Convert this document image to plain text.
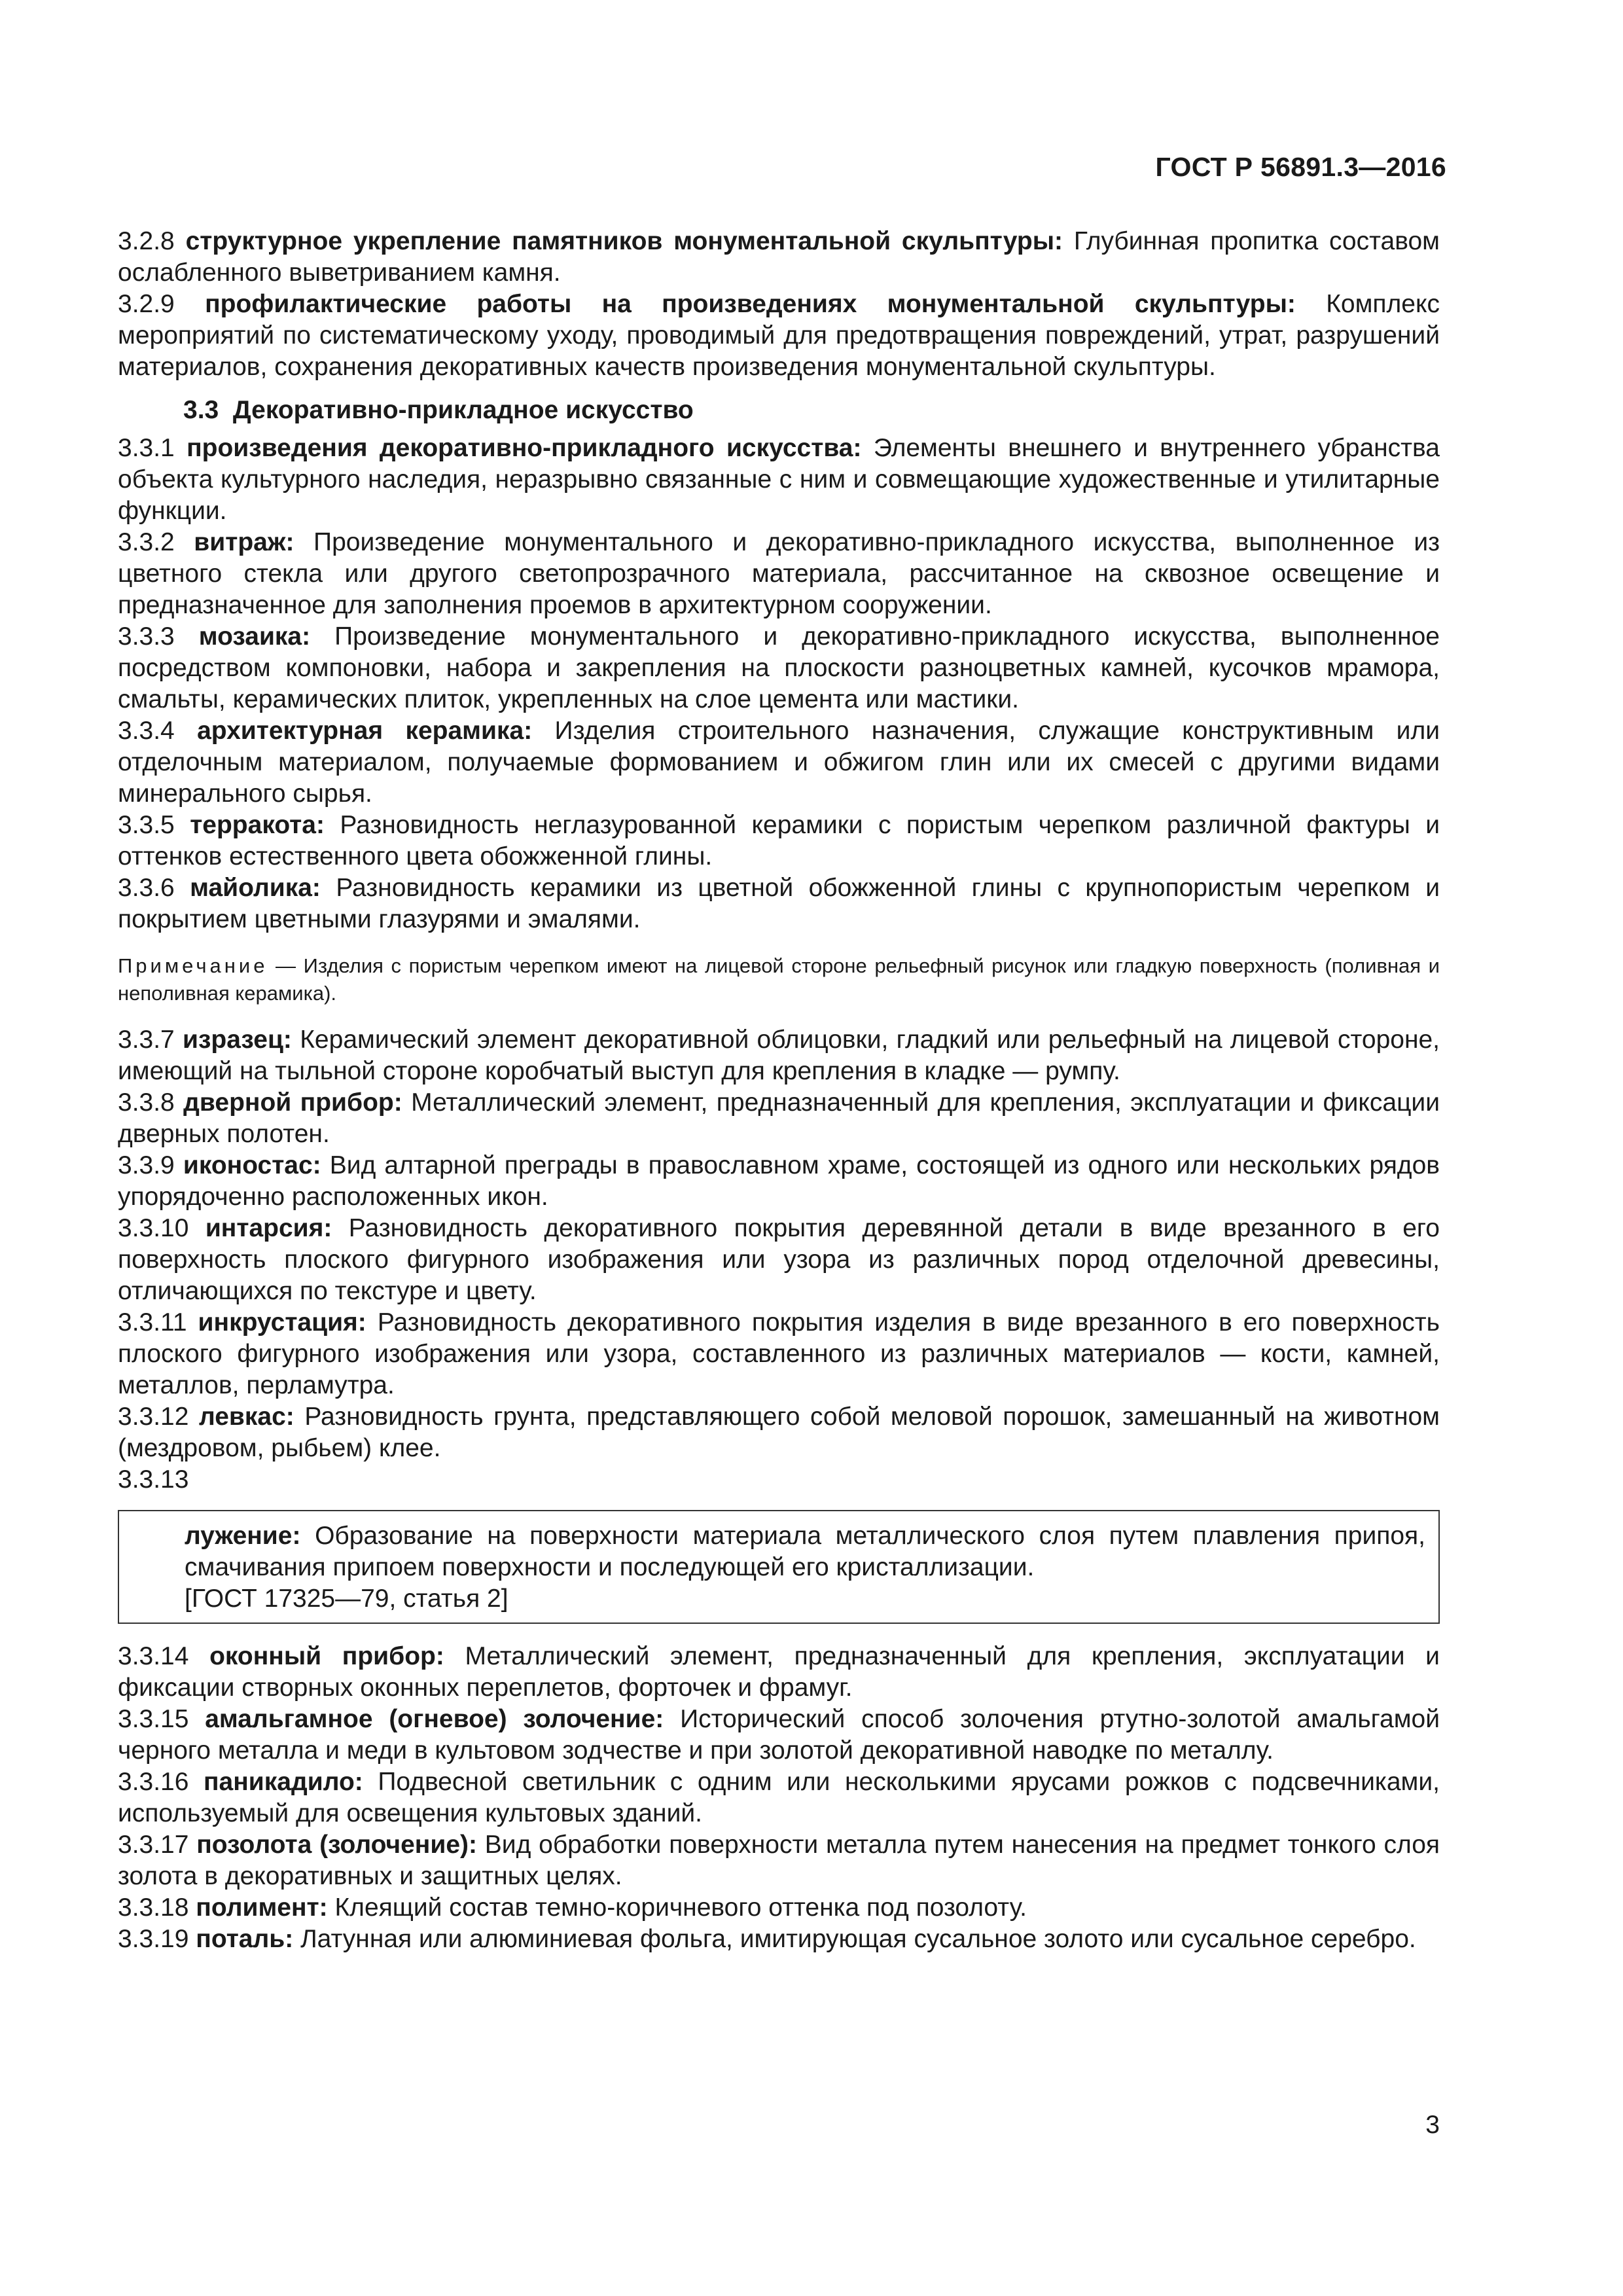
ГОСТ Р 56891.3—2016
3.2.8 структурное укрепление памятников монументальной скульптуры: Глубинная пропитка составом ослабленного выветриванием камня.
3.2.9 профилактические работы на произведениях монументальной скульптуры: Комплекс мероприятий по систематическому уходу, проводимый для предотвращения повреждений, утрат, разрушений материалов, сохранения декоративных качеств произведения монументальной скульптуры.
3.3 Декоративно-прикладное искусство
3.3.1 произведения декоративно-прикладного искусства: Элементы внешнего и внутреннего убранства объекта культурного наследия, неразрывно связанные с ним и совмещающие художественные и утилитарные функции.
3.3.2 витраж: Произведение монументального и декоративно-прикладного искусства, выполненное из цветного стекла или другого светопрозрачного материала, рассчитанное на сквозное освещение и предназначенное для заполнения проемов в архитектурном сооружении.
3.3.3 мозаика: Произведение монументального и декоративно-прикладного искусства, выполненное посредством компоновки, набора и закрепления на плоскости разноцветных камней, кусочков мрамора, смальты, керамических плиток, укрепленных на слое цемента или мастики.
3.3.4 архитектурная керамика: Изделия строительного назначения, служащие конструктивным или отделочным материалом, получаемые формованием и обжигом глин или их смесей с другими видами минерального сырья.
3.3.5 терракота: Разновидность неглазурованной керамики с пористым черепком различной фактуры и оттенков естественного цвета обожженной глины.
3.3.6 майолика: Разновидность керамики из цветной обожженной глины с крупнопористым черепком и покрытием цветными глазурями и эмалями.
Примечание — Изделия с пористым черепком имеют на лицевой стороне рельефный рисунок или гладкую поверхность (поливная и неполивная керамика).
3.3.7 изразец: Керамический элемент декоративной облицовки, гладкий или рельефный на лицевой стороне, имеющий на тыльной стороне коробчатый выступ для крепления в кладке — румпу.
3.3.8 дверной прибор: Металлический элемент, предназначенный для крепления, эксплуатации и фиксации дверных полотен.
3.3.9 иконостас: Вид алтарной преграды в православном храме, состоящей из одного или нескольких рядов упорядоченно расположенных икон.
3.3.10 интарсия: Разновидность декоративного покрытия деревянной детали в виде врезанного в его поверхность плоского фигурного изображения или узора из различных пород отделочной древесины, отличающихся по текстуре и цвету.
3.3.11 инкрустация: Разновидность декоративного покрытия изделия в виде врезанного в его поверхность плоского фигурного изображения или узора, составленного из различных материалов — кости, камней, металлов, перламутра.
3.3.12 левкас: Разновидность грунта, представляющего собой меловой порошок, замешанный на животном (мездровом, рыбьем) клее.
3.3.13
лужение: Образование на поверхности материала металлического слоя путем плавления припоя, смачивания припоем поверхности и последующей его кристаллизации.
[ГОСТ 17325—79, статья 2]
3.3.14 оконный прибор: Металлический элемент, предназначенный для крепления, эксплуатации и фиксации створных оконных переплетов, форточек и фрамуг.
3.3.15 амальгамное (огневое) золочение: Исторический способ золочения ртутно-золотой амальгамой черного металла и меди в культовом зодчестве и при золотой декоративной наводке по металлу.
3.3.16 паникадило: Подвесной светильник с одним или несколькими ярусами рожков с подсвечниками, используемый для освещения культовых зданий.
3.3.17 позолота (золочение): Вид обработки поверхности металла путем нанесения на предмет тонкого слоя золота в декоративных и защитных целях.
3.3.18 полимент: Клеящий состав темно-коричневого оттенка под позолоту.
3.3.19 поталь: Латунная или алюминиевая фольга, имитирующая сусальное золото или сусальное серебро.
3
